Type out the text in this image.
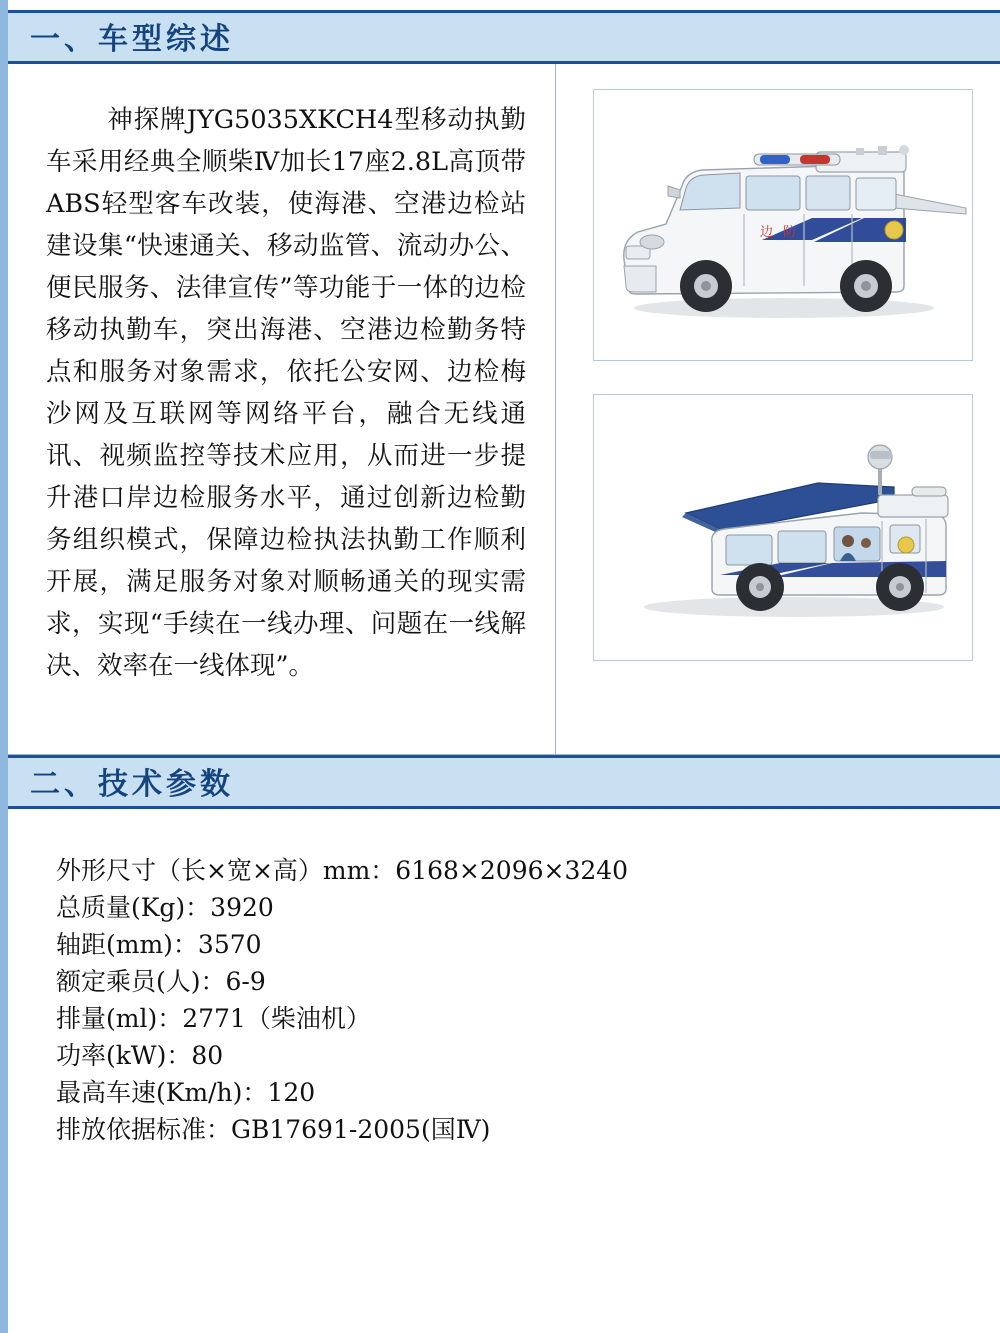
一、车型综述
神探牌JYG5035XKCH4型移动执勤车采用经典全顺柴Ⅳ加长17座2.8L高顶带ABS轻型客车改装，使海港、空港边检站建设集“快速通关、移动监管、流动办公、便民服务、法律宣传”等功能于一体的边检移动执勤车，突出海港、空港边检勤务特点和服务对象需求，依托公安网、边检梅沙网及互联网等网络平台，融合无线通讯、视频监控等技术应用，从而进一步提升港口岸边检服务水平，通过创新边检勤务组织模式，保障边检执法执勤工作顺利开展，满足服务对象对顺畅通关的现实需求，实现“手续在一线办理、问题在一线解决、效率在一线体现”。
边 防
二、技术参数
外形尺寸（长×宽×高）mm：6168×2096×3240
总质量(Kg)：3920
轴距(mm)：3570
额定乘员(人)：6-9
排量(ml)：2771（柴油机）
功率(kW)：80
最高车速(Km/h)：120
排放依据标准：GB17691-2005(国Ⅳ)
